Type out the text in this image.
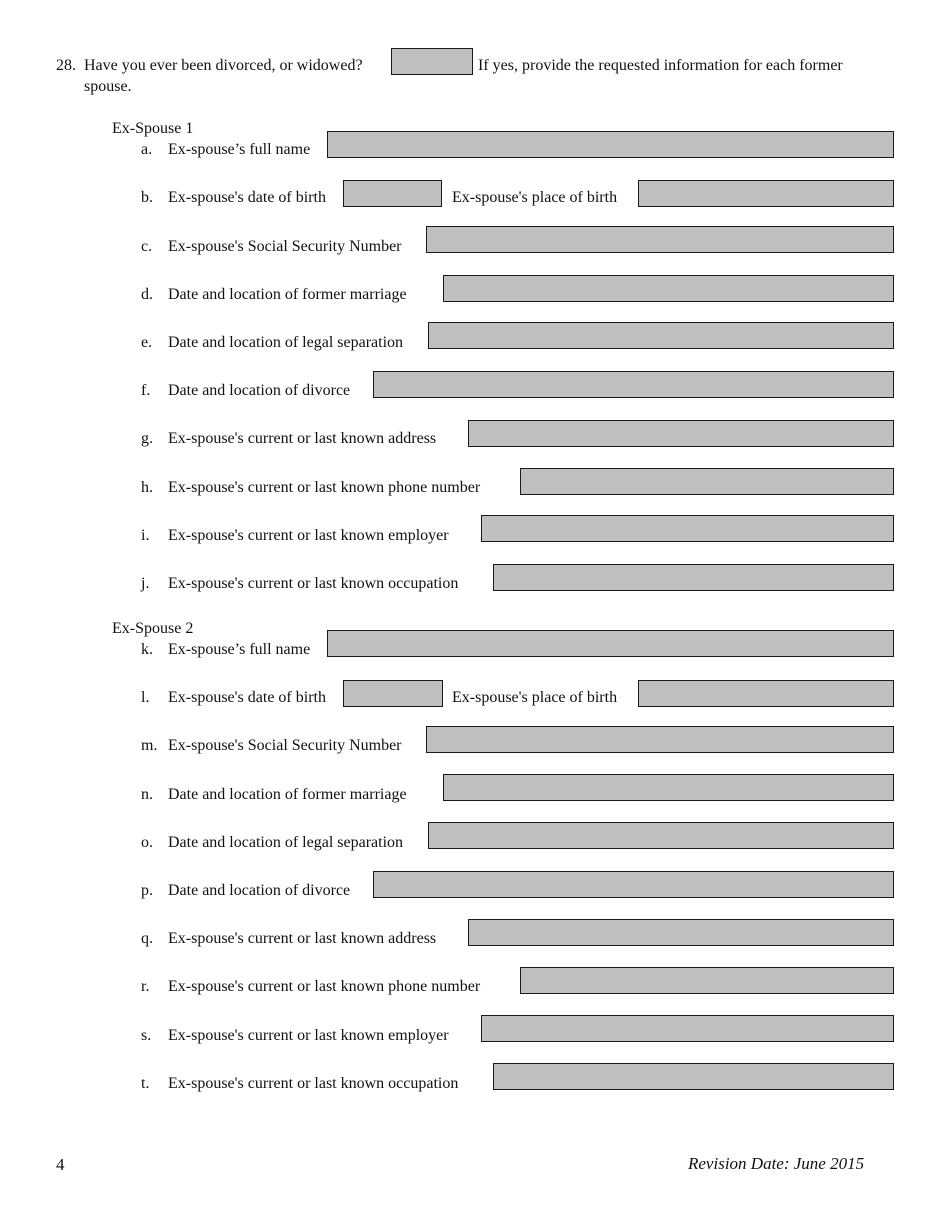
28. Have you ever been divorced, or widowed?	If yes, provide the requested information for each former
spouse.
Ex-Spouse 1
a. Ex-spouse’s full name
b. Ex-spouse's date of birth	Ex-spouse's place of birth
c. Ex-spouse's Social Security Number
d. Date and location of former marriage
e. Date and location of legal separation
f. Date and location of divorce
g. Ex-spouse's current or last known address
h. Ex-spouse's current or last known phone number
i. Ex-spouse's current or last known employer
j. Ex-spouse's current or last known occupation
Ex-Spouse 2
k. Ex-spouse’s full name
l. Ex-spouse's date of birth	Ex-spouse's place of birth
m. Ex-spouse's Social Security Number
n. Date and location of former marriage
o. Date and location of legal separation
p. Date and location of divorce
q. Ex-spouse's current or last known address
r. Ex-spouse's current or last known phone number
s. Ex-spouse's current or last known employer
t. Ex-spouse's current or last known occupation
4	Revision Date: June 2015
